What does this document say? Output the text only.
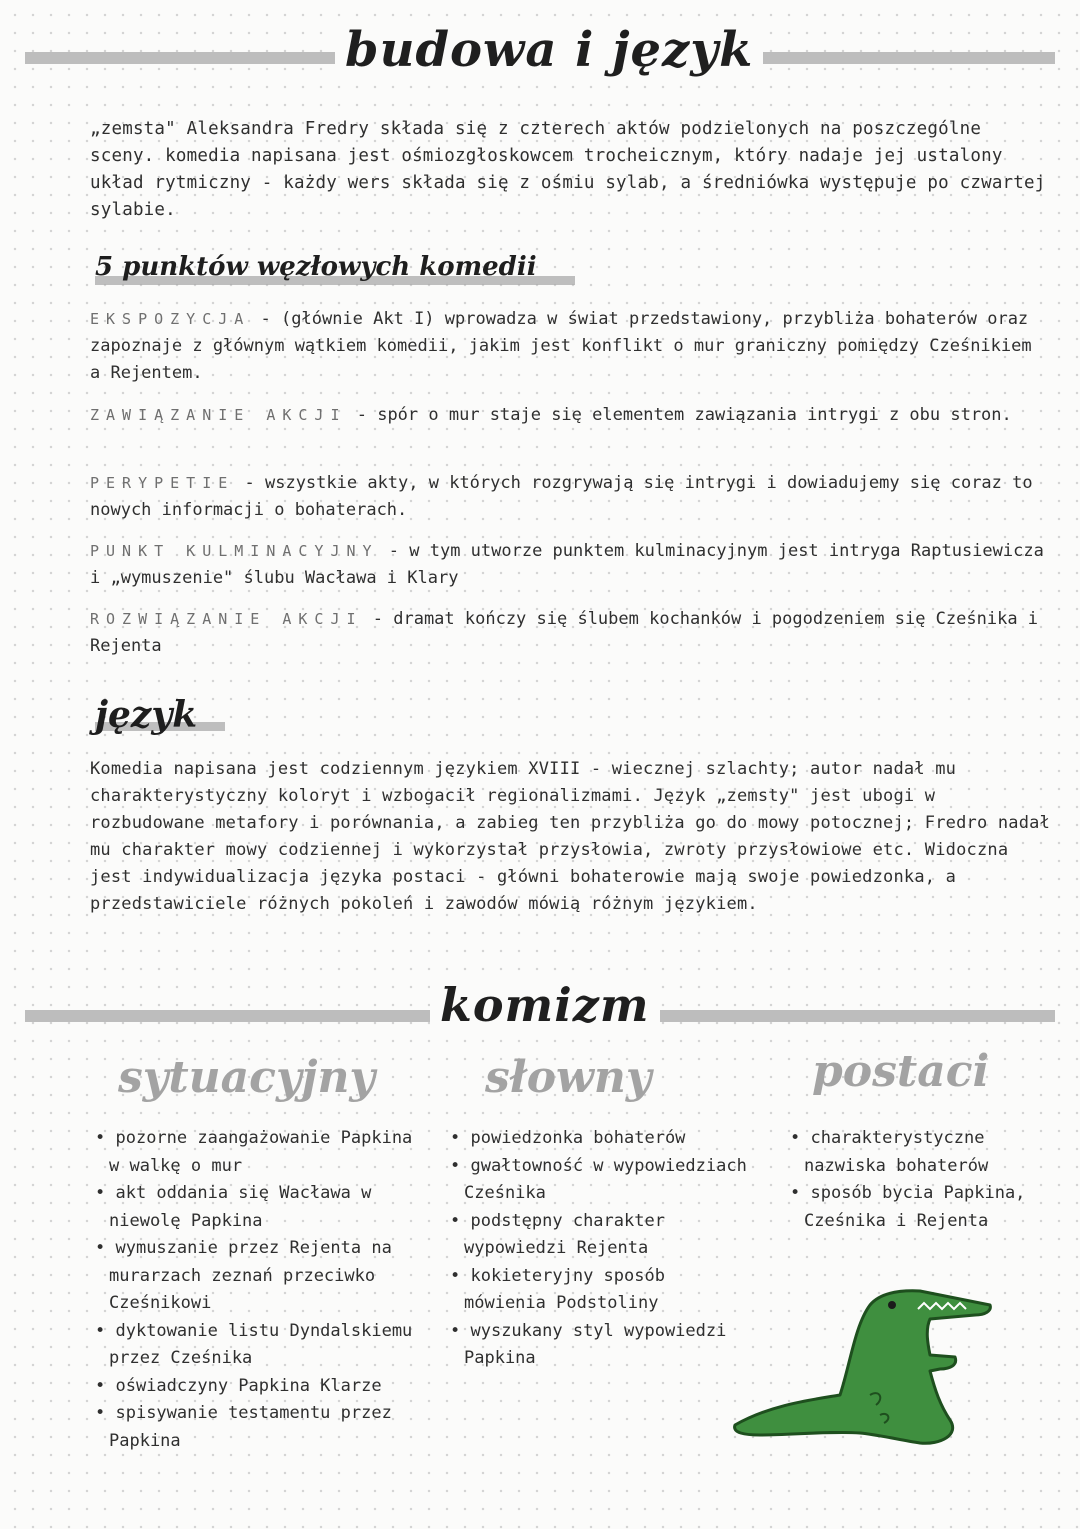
budowa i język
„zemsta" Aleksandra Fredry składa się z czterech aktów podzielonych na poszczególne sceny. komedia napisana jest ośmiozgłoskowcem trocheicznym, który nadaje jej ustalony układ rytmiczny - każdy wers składa się z ośmiu sylab, a średniówka występuje po czwartej sylabie.
5 punktów węzłowych komedii
EKSPOZYCJA - (głównie Akt I) wprowadza w świat przedstawiony, przybliża bohaterów oraz zapoznaje z głównym wątkiem komedii, jakim jest konflikt o mur graniczny pomiędzy Cześnikiem a Rejentem.
ZAWIĄZANIE AKCJI - spór o mur staje się elementem zawiązania intrygi z obu stron.
PERYPETIE - wszystkie akty, w których rozgrywają się intrygi i dowiadujemy się coraz to nowych informacji o bohaterach.
PUNKT KULMINACYJNY - w tym utworze punktem kulminacyjnym jest intryga Raptusiewicza i „wymuszenie" ślubu Wacława i Klary
ROZWIĄZANIE AKCJI - dramat kończy się ślubem kochanków i pogodzeniem się Cześnika i Rejenta
język
Komedia napisana jest codziennym językiem XVIII - wiecznej szlachty; autor nadał mu charakterystyczny koloryt i wzbogacił regionalizmami. Język „zemsty" jest ubogi w rozbudowane metafory i porównania, a zabieg ten przybliża go do mowy potocznej; Fredro nadał mu charakter mowy codziennej i wykorzystał przysłowia, zwroty przysłowiowe etc. Widoczna jest indywidualizacja języka postaci - główni bohaterowie mają swoje powiedzonka, a przedstawiciele różnych pokoleń i zawodów mówią różnym językiem.
komizm
sytuacyjny	słowny	postaci
• pozorne zaangażowanie Papkina w walkę o mur
• akt oddania się Wacława w niewolę Papkina
• wymuszanie przez Rejenta na murarzach zeznań przeciwko Cześnikowi
• dyktowanie listu Dyndalskiemu przez Cześnika
• oświadczyny Papkina Klarze
• spisywanie testamentu przez Papkina
• powiedzonka bohaterów
• gwałtowność w wypowiedziach Cześnika
• podstępny charakter wypowiedzi Rejenta
• kokieteryjny sposób mówienia Podstoliny
• wyszukany styl wypowiedzi Papkina
• charakterystyczne nazwiska bohaterów
• sposób bycia Papkina, Cześnika i Rejenta
